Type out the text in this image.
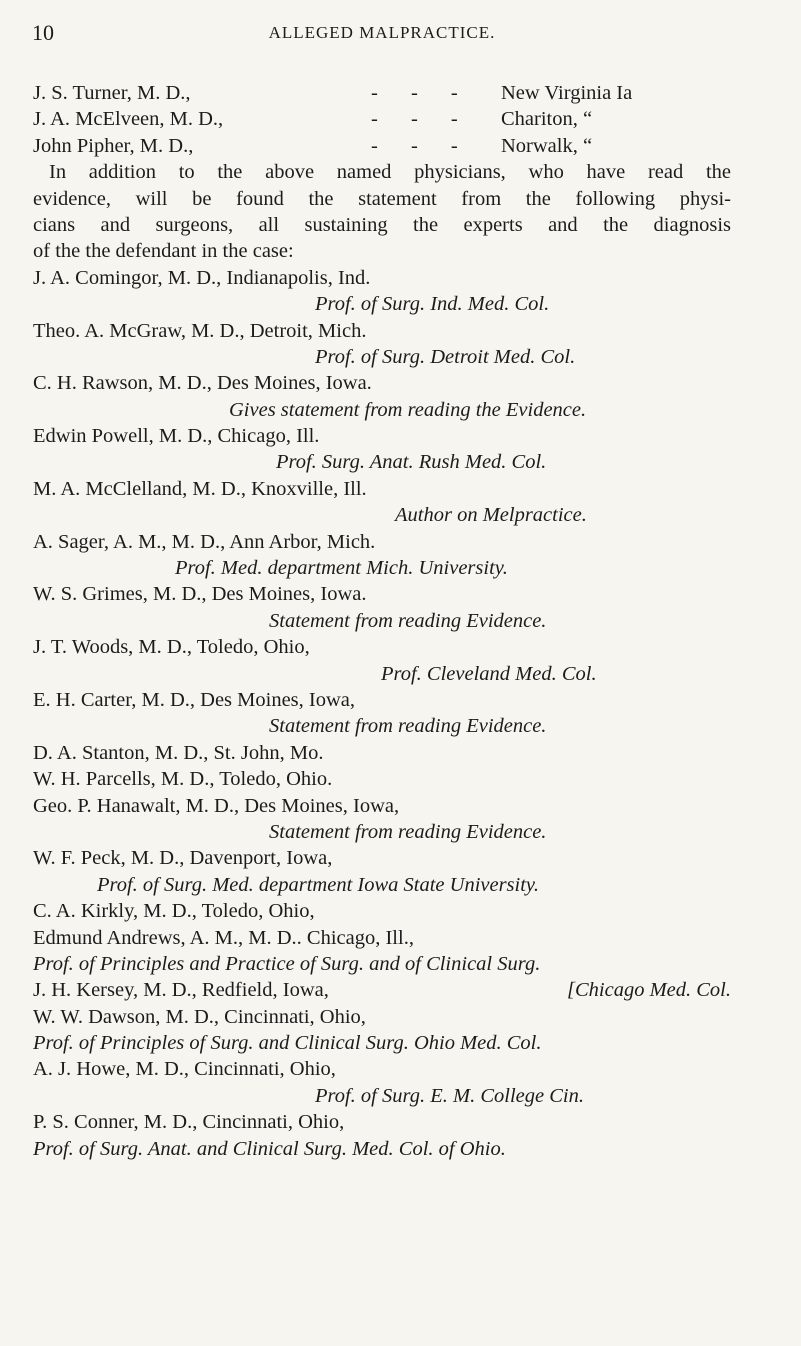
10	ALLEGED MALPRACTICE.
J. S. Turner, M. D.,	- - -	New Virginia Ia
J. A. McElveen, M. D.,	- - -	Chariton, “
John Pipher, M. D.,	- - -	Norwalk, “
In addition to the above named physicians, who have read the
evidence, will be found the statement from the following physi-
cians and surgeons, all sustaining the experts and the diagnosis
of the the defendant in the case:
J. A. Comingor, M. D., Indianapolis, Ind.
Prof. of Surg. Ind. Med. Col.
Theo. A. McGraw, M. D., Detroit, Mich.
Prof. of Surg. Detroit Med. Col.
C. H. Rawson, M. D., Des Moines, Iowa.
Gives statement from reading the Evidence.
Edwin Powell, M. D., Chicago, Ill.
Prof. Surg. Anat. Rush Med. Col.
M. A. McClelland, M. D., Knoxville, Ill.
Author on Melpractice.
A. Sager, A. M., M. D., Ann Arbor, Mich.
Prof. Med. department Mich. University.
W. S. Grimes, M. D., Des Moines, Iowa.
Statement from reading Evidence.
J. T. Woods, M. D., Toledo, Ohio,
Prof. Cleveland Med. Col.
E. H. Carter, M. D., Des Moines, Iowa,
Statement from reading Evidence.
D. A. Stanton, M. D., St. John, Mo.
W. H. Parcells, M. D., Toledo, Ohio.
Geo. P. Hanawalt, M. D., Des Moines, Iowa,
Statement from reading Evidence.
W. F. Peck, M. D., Davenport, Iowa,
Prof. of Surg. Med. department Iowa State University.
C. A. Kirkly, M. D., Toledo, Ohio,
Edmund Andrews, A. M., M. D.. Chicago, Ill.,
Prof. of Principles and Practice of Surg. and of Clinical Surg.
J. H. Kersey, M. D., Redfield, Iowa,	[Chicago Med. Col.
W. W. Dawson, M. D., Cincinnati, Ohio,
Prof. of Principles of Surg. and Clinical Surg. Ohio Med. Col.
A. J. Howe, M. D., Cincinnati, Ohio,
Prof. of Surg. E. M. College Cin.
P. S. Conner, M. D., Cincinnati, Ohio,
Prof. of Surg. Anat. and Clinical Surg. Med. Col. of Ohio.
